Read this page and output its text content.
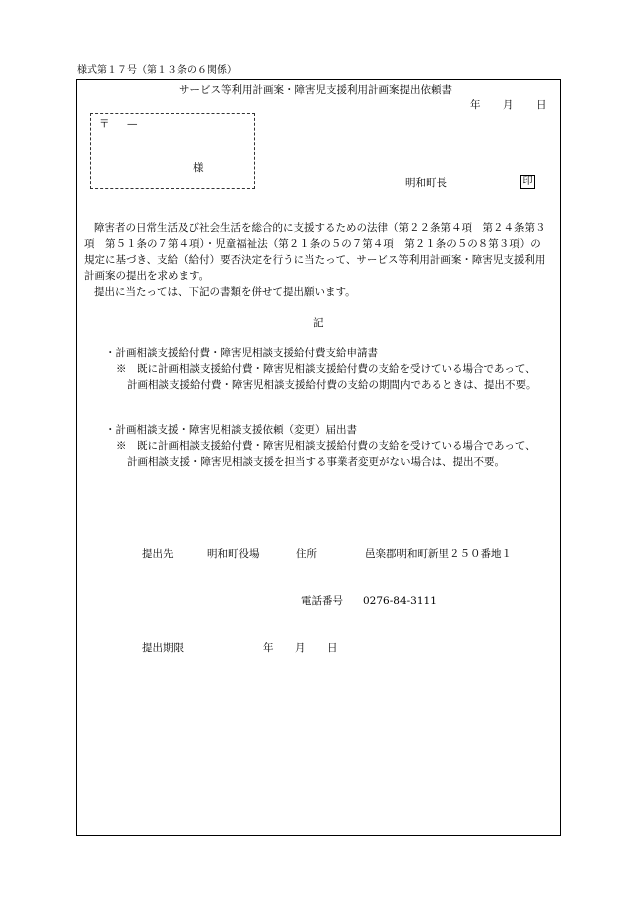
様式第１７号（第１３条の６関係）
サービス等利用計画案・障害児支援利用計画案提出依頼書
年 月 日
〒 —
様
明和町長	印
障害者の日常生活及び社会生活を総合的に支援するための法律（第２２条第４項　第２４条第３
項　第５１条の７第４項）・児童福祉法（第２１条の５の７第４項　第２１条の５の８第３項）の
規定に基づき、支給（給付）要否決定を行うに当たって、サービス等利用計画案・障害児支援利用
計画案の提出を求めます。
提出に当たっては、下記の書類を併せて提出願います。
記
・計画相談支援給付費・障害児相談支援給付費支給申請書
※　既に計画相談支援給付費・障害児相談支援給付費の支給を受けている場合であって、
計画相談支援給付費・障害児相談支援給付費の支給の期間内であるときは、提出不要。
・計画相談支援・障害児相談支援依頼（変更）届出書
※　既に計画相談支援給付費・障害児相談支援給付費の支給を受けている場合であって、
計画相談支援・障害児相談支援を担当する事業者変更がない場合は、提出不要。
提出先	明和町役場	住所	邑楽郡明和町新里２５０番地１
電話番号 0276-84-3111
提出期限	年 月 日
